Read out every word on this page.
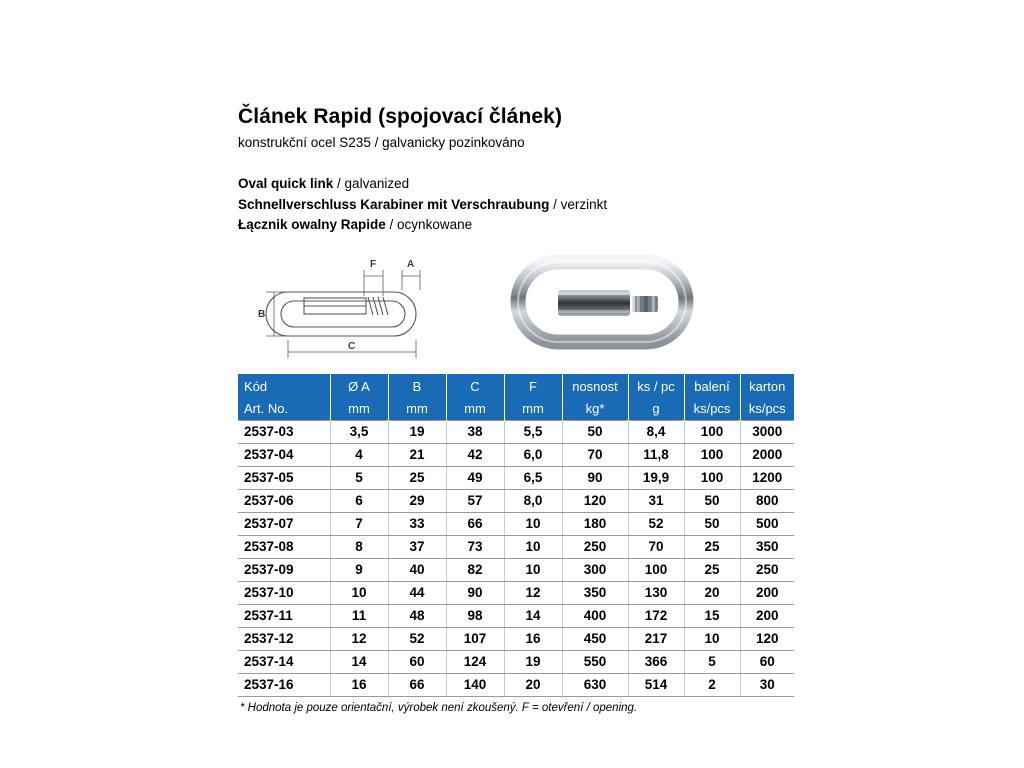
Článek Rapid (spojovací článek)
konstrukční ocel S235 / galvanicky pozinkováno
Oval quick link / galvanized
Schnellverschluss Karabiner mit Verschraubung / verzinkt
Łącznik owalny Rapide / ocynkowane
A
F
B
C
Kód	Ø A	B	C	F	nosnost	ks / pc	balení	karton
Art. No.	mm	mm	mm	mm	kg*	g	ks/pcs	ks/pcs
2537-03	3,5	19	38	5,5	50	8,4	100	3000
2537-04	4	21	42	6,0	70	11,8	100	2000
2537-05	5	25	49	6,5	90	19,9	100	1200
2537-06	6	29	57	8,0	120	31	50	800
2537-07	7	33	66	10	180	52	50	500
2537-08	8	37	73	10	250	70	25	350
2537-09	9	40	82	10	300	100	25	250
2537-10	10	44	90	12	350	130	20	200
2537-11	11	48	98	14	400	172	15	200
2537-12	12	52	107	16	450	217	10	120
2537-14	14	60	124	19	550	366	5	60
2537-16	16	66	140	20	630	514	2	30
* Hodnota je pouze orientační, výrobek není zkoušený. F = otevření / opening.
